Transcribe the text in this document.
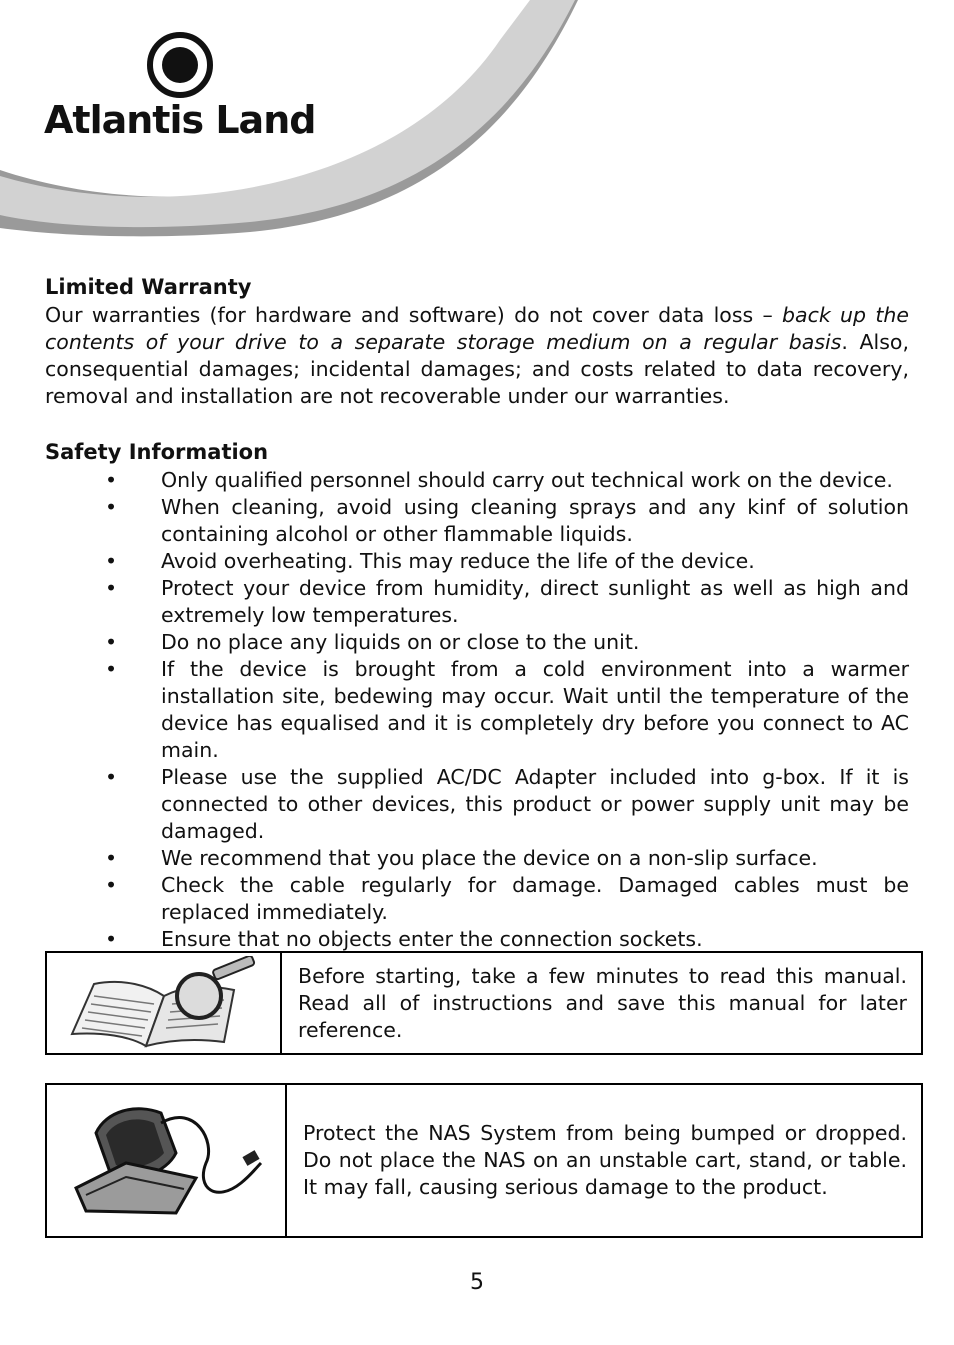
Atlantis Land
Limited Warranty

Our warranties (for hardware and software) do not cover data loss – back up the contents of your drive to a separate storage medium on a regular basis. Also, consequential damages; incidental damages; and costs related to data recovery, removal and installation are not recoverable under our warranties.

Safety Information
• Only qualified personnel should carry out technical work on the device.
• When cleaning, avoid using cleaning sprays and any kinf of solution containing alcohol or other flammable liquids.
• Avoid overheating. This may reduce the life of the device.
• Protect your device from humidity, direct sunlight as well as high and extremely low temperatures.
• Do no place any liquids on or close to the unit.
• If the device is brought from a cold environment into a warmer installation site, bedewing may occur. Wait until the temperature of the device has equalised and it is completely dry before you connect to AC main.
• Please use the supplied AC/DC Adapter included into g-box. If it is connected to other devices, this product or power supply unit may be damaged.
• We recommend that you place the device on a non-slip surface.
• Check the cable regularly for damage. Damaged cables must be replaced immediately.
• Ensure that no objects enter the connection sockets.
Before starting, take a few minutes to read this manual. Read all of instructions and save this manual for later reference.
Protect the NAS System from being bumped or dropped. Do not place the NAS on an unstable cart, stand, or table. It may fall, causing serious damage to the product.
5
